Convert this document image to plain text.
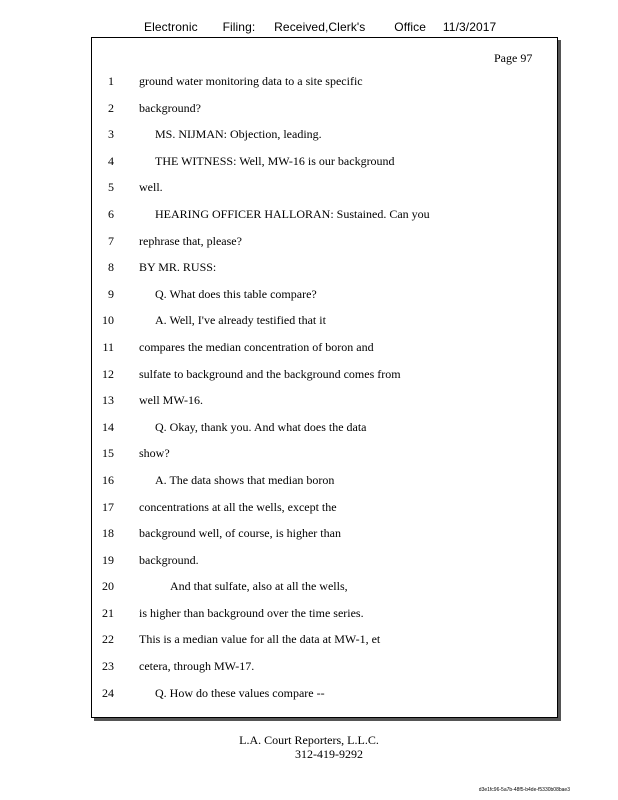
Electronic Filing: Received,Clerk's Office 11/3/2017
Page 97
1 ground water monitoring data to a site specific
2 background?
3	MS. NIJMAN: Objection, leading.
4	THE WITNESS: Well, MW-16 is our background
5 well.
6	HEARING OFFICER HALLORAN: Sustained. Can you
7 rephrase that, please?
8 BY MR. RUSS:
9	Q. What does this table compare?
10	A. Well, I've already testified that it
11 compares the median concentration of boron and
12 sulfate to background and the background comes from
13 well MW-16.
14	Q. Okay, thank you. And what does the data
15 show?
16	A. The data shows that median boron
17 concentrations at all the wells, except the
18 background well, of course, is higher than
19 background.
20	And that sulfate, also at all the wells,
21 is higher than background over the time series.
22 This is a median value for all the data at MW-1, et
23 cetera, through MW-17.
24	Q. How do these values compare --
L.A. Court Reporters, L.L.C.
312-419-9292
d3e1fc96-5a7b-48f5-b4de-f5330b08bae3
